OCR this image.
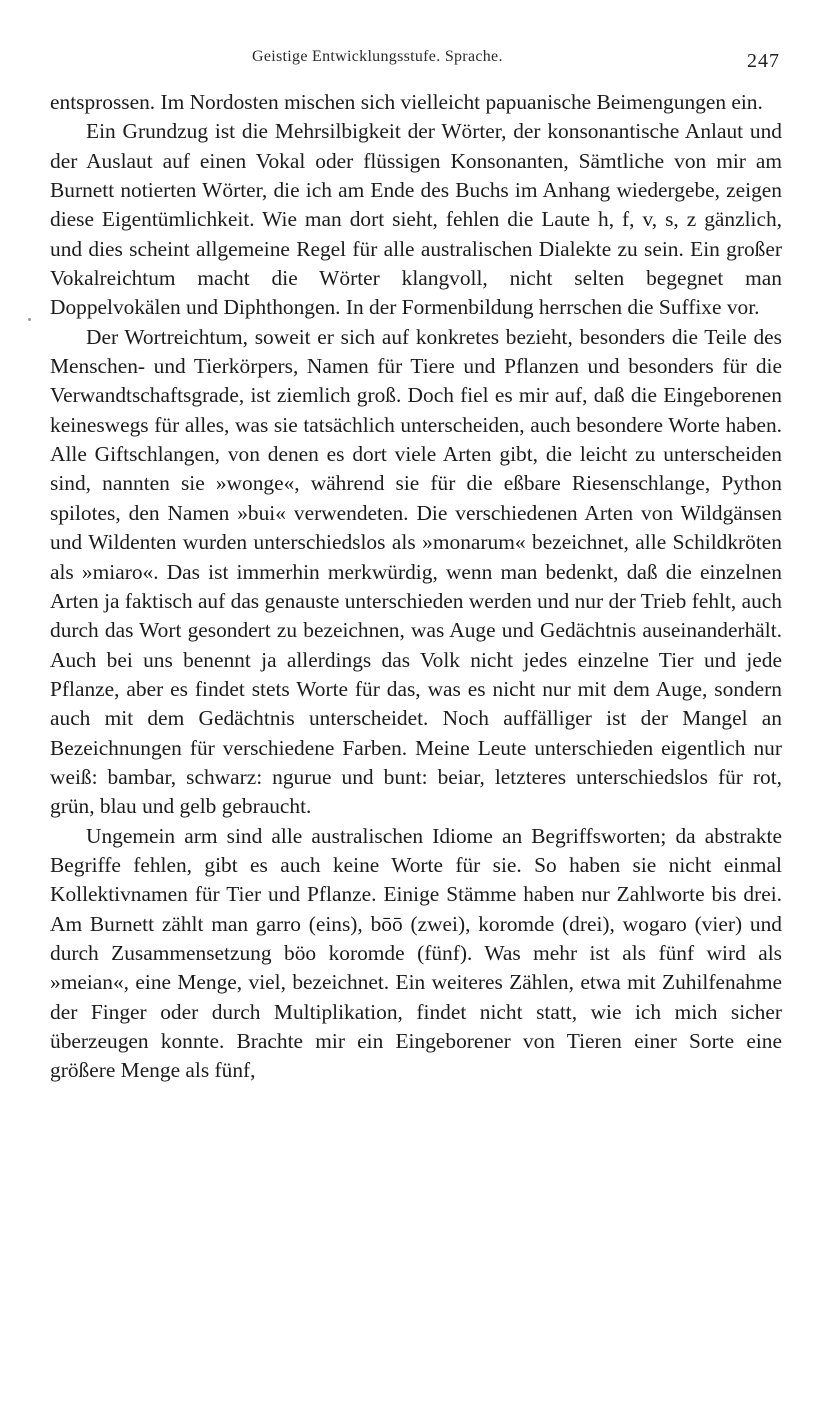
Geistige Entwicklungsstufe. Sprache.	247

entsprossen. Im Nordosten mischen sich vielleicht papuanische Beimengungen ein.

Ein Grundzug ist die Mehrsilbigkeit der Wörter, der konsonantische Anlaut und der Auslaut auf einen Vokal oder flüssigen Konsonanten, Sämtliche von mir am Burnett notierten Wörter, die ich am Ende des Buchs im Anhang wiedergebe, zeigen diese Eigentümlichkeit. Wie man dort sieht, fehlen die Laute h, f, v, s, z gänzlich, und dies scheint allgemeine Regel für alle australischen Dialekte zu sein. Ein großer Vokalreichtum macht die Wörter klangvoll, nicht selten begegnet man Doppelvokälen und Diphthongen. In der Formenbildung herrschen die Suffixe vor.

Der Wortreichtum, soweit er sich auf konkretes bezieht, besonders die Teile des Menschen- und Tierkörpers, Namen für Tiere und Pflanzen und besonders für die Verwandtschaftsgrade, ist ziemlich groß. Doch fiel es mir auf, daß die Eingeborenen keineswegs für alles, was sie tatsächlich unterscheiden, auch besondere Worte haben. Alle Giftschlangen, von denen es dort viele Arten gibt, die leicht zu unterscheiden sind, nannten sie »wonge«, während sie für die eßbare Riesenschlange, Python spilotes, den Namen »bui« verwendeten. Die verschiedenen Arten von Wildgänsen und Wildenten wurden unterschiedslos als »monarum« bezeichnet, alle Schildkröten als »miaro«. Das ist immerhin merkwürdig, wenn man bedenkt, daß die einzelnen Arten ja faktisch auf das genauste unterschieden werden und nur der Trieb fehlt, auch durch das Wort gesondert zu bezeichnen, was Auge und Gedächtnis auseinanderhält. Auch bei uns benennt ja allerdings das Volk nicht jedes einzelne Tier und jede Pflanze, aber es findet stets Worte für das, was es nicht nur mit dem Auge, sondern auch mit dem Gedächtnis unterscheidet. Noch auffälliger ist der Mangel an Bezeichnungen für verschiedene Farben. Meine Leute unterschieden eigentlich nur weiß: bambar, schwarz: ngurue und bunt: beiar, letzteres unterschiedslos für rot, grün, blau und gelb gebraucht.

Ungemein arm sind alle australischen Idiome an Begriffsworten; da abstrakte Begriffe fehlen, gibt es auch keine Worte für sie. So haben sie nicht einmal Kollektivnamen für Tier und Pflanze. Einige Stämme haben nur Zahlworte bis drei. Am Burnett zählt man garro (eins), bōō (zwei), koromde (drei), wogaro (vier) und durch Zusammensetzung böo koromde (fünf). Was mehr ist als fünf wird als »meian«, eine Menge, viel, bezeichnet. Ein weiteres Zählen, etwa mit Zuhilfenahme der Finger oder durch Multiplikation, findet nicht statt, wie ich mich sicher überzeugen konnte. Brachte mir ein Eingeborener von Tieren einer Sorte eine größere Menge als fünf,
